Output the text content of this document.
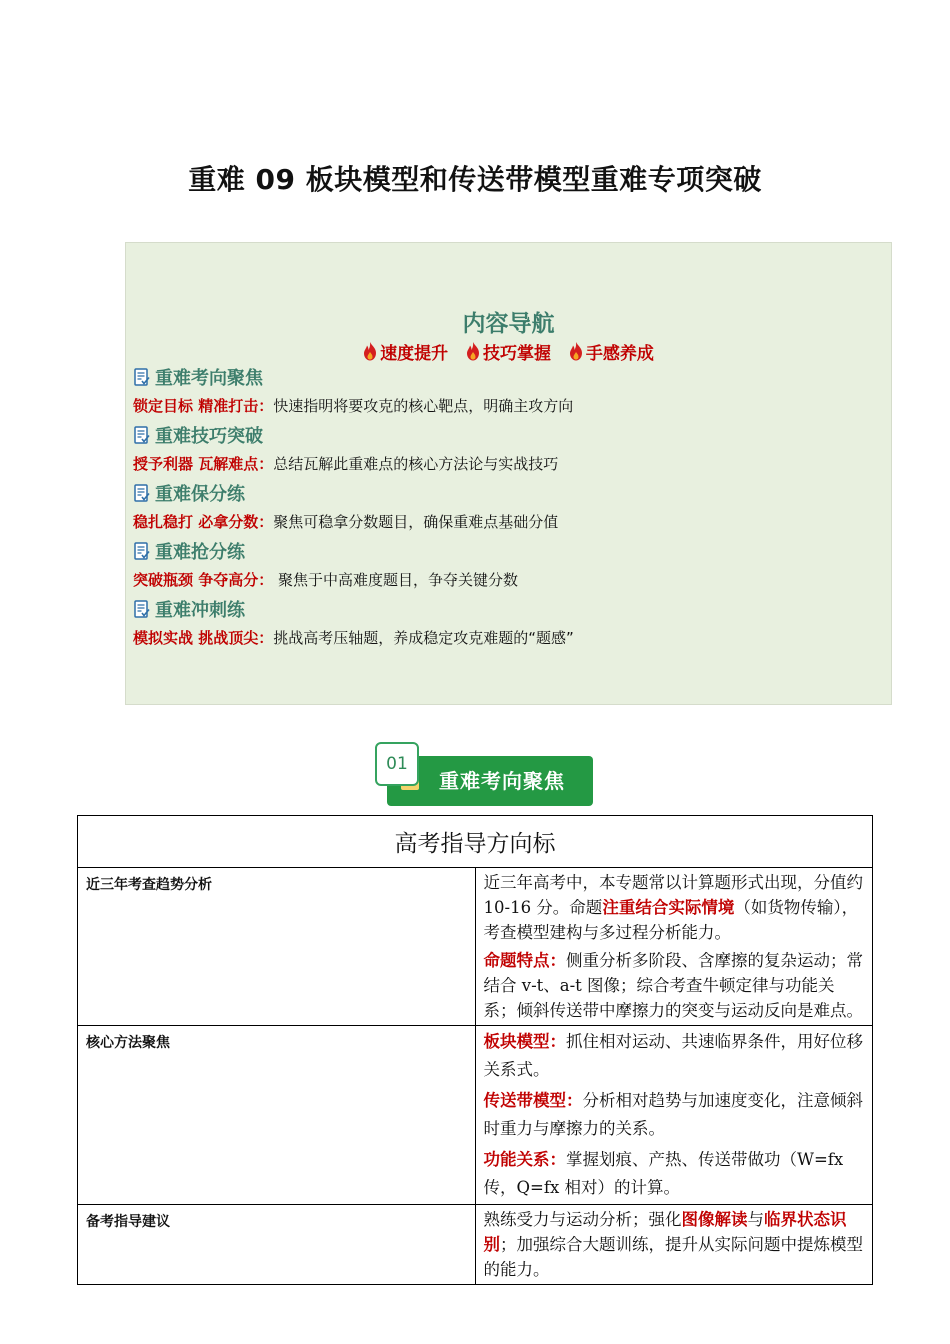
重难 09 板块模型和传送带模型重难专项突破
内容导航
速度提升
技巧掌握
手感养成
重难考向聚焦
锁定目标 精准打击：快速指明将要攻克的核心靶点，明确主攻方向
重难技巧突破
授予利器 瓦解难点：总结瓦解此重难点的核心方法论与实战技巧
重难保分练
稳扎稳打 必拿分数：聚焦可稳拿分数题目，确保重难点基础分值
重难抢分练
突破瓶颈 争夺高分： 聚焦于中高难度题目，争夺关键分数
重难冲刺练
模拟实战 挑战顶尖：挑战高考压轴题，养成稳定攻克难题的“题感”
01
重难考向聚焦
高考指导方向标	
近三年考查趋势分析	近三年高考中，本专题常以计算题形式出现，分值约 10-16 分。命题注重结合实际情境（如货物传输），考查模型建构与多过程分析能力。

命题特点：侧重分析多阶段、含摩擦的复杂运动；常结合 v-t、a-t 图像；综合考查牛顿定律与功能关系；倾斜传送带中摩擦力的突变与运动反向是难点。

核心方法聚焦	板块模型：抓住相对运动、共速临界条件，用好位移关系式。

传送带模型：分析相对趋势与加速度变化，注意倾斜时重力与摩擦力的关系。

功能关系：掌握划痕、产热、传送带做功（W=fx 传，Q=fx 相对）的计算。

备考指导建议	熟练受力与运动分析；强化图像解读与临界状态识别；加强综合大题训练，提升从实际问题中提炼模型的能力。
